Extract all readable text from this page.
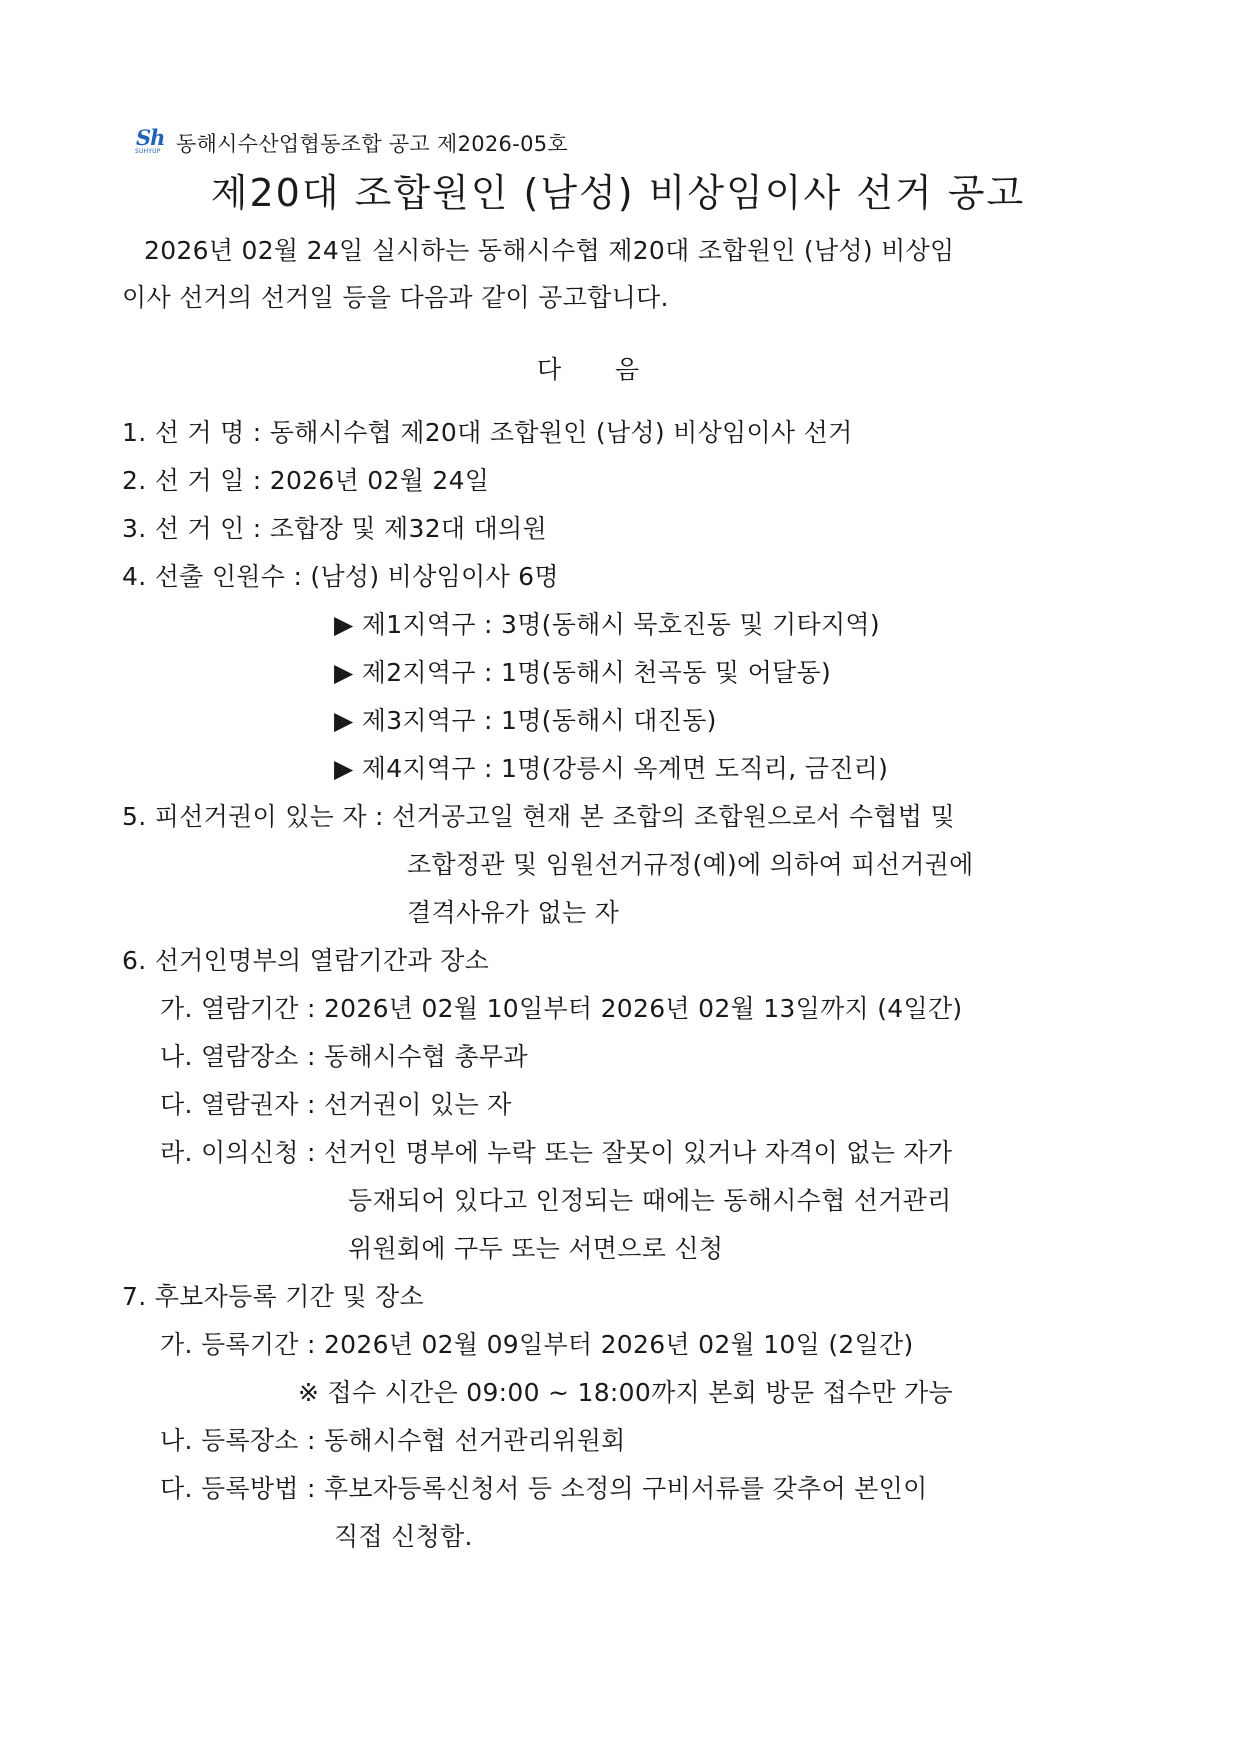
Sh
SUHYUP 동해시수산업협동조합 공고 제2026-05호
제20대 조합원인 (남성) 비상임이사 선거 공고
2026년 02월 24일 실시하는 동해시수협 제20대 조합원인 (남성) 비상임
이사 선거의 선거일 등을 다음과 같이 공고합니다.
다 음
1. 선 거 명 : 동해시수협 제20대 조합원인 (남성) 비상임이사 선거
2. 선 거 일 : 2026년 02월 24일
3. 선 거 인 : 조합장 및 제32대 대의원
4. 선출 인원수 : (남성) 비상임이사 6명
▶ 제1지역구 : 3명(동해시 묵호진동 및 기타지역)
▶ 제2지역구 : 1명(동해시 천곡동 및 어달동)
▶ 제3지역구 : 1명(동해시 대진동)
▶ 제4지역구 : 1명(강릉시 옥계면 도직리, 금진리)
5. 피선거권이 있는 자 : 선거공고일 현재 본 조합의 조합원으로서 수협법 및
조합정관 및 임원선거규정(예)에 의하여 피선거권에
결격사유가 없는 자
6. 선거인명부의 열람기간과 장소
가. 열람기간 : 2026년 02월 10일부터 2026년 02월 13일까지 (4일간)
나. 열람장소 : 동해시수협 총무과
다. 열람권자 : 선거권이 있는 자
라. 이의신청 : 선거인 명부에 누락 또는 잘못이 있거나 자격이 없는 자가
등재되어 있다고 인정되는 때에는 동해시수협 선거관리
위원회에 구두 또는 서면으로 신청
7. 후보자등록 기간 및 장소
가. 등록기간 : 2026년 02월 09일부터 2026년 02월 10일 (2일간)
※ 접수 시간은 09:00 ~ 18:00까지 본회 방문 접수만 가능
나. 등록장소 : 동해시수협 선거관리위원회
다. 등록방법 : 후보자등록신청서 등 소정의 구비서류를 갖추어 본인이
직접 신청함.
